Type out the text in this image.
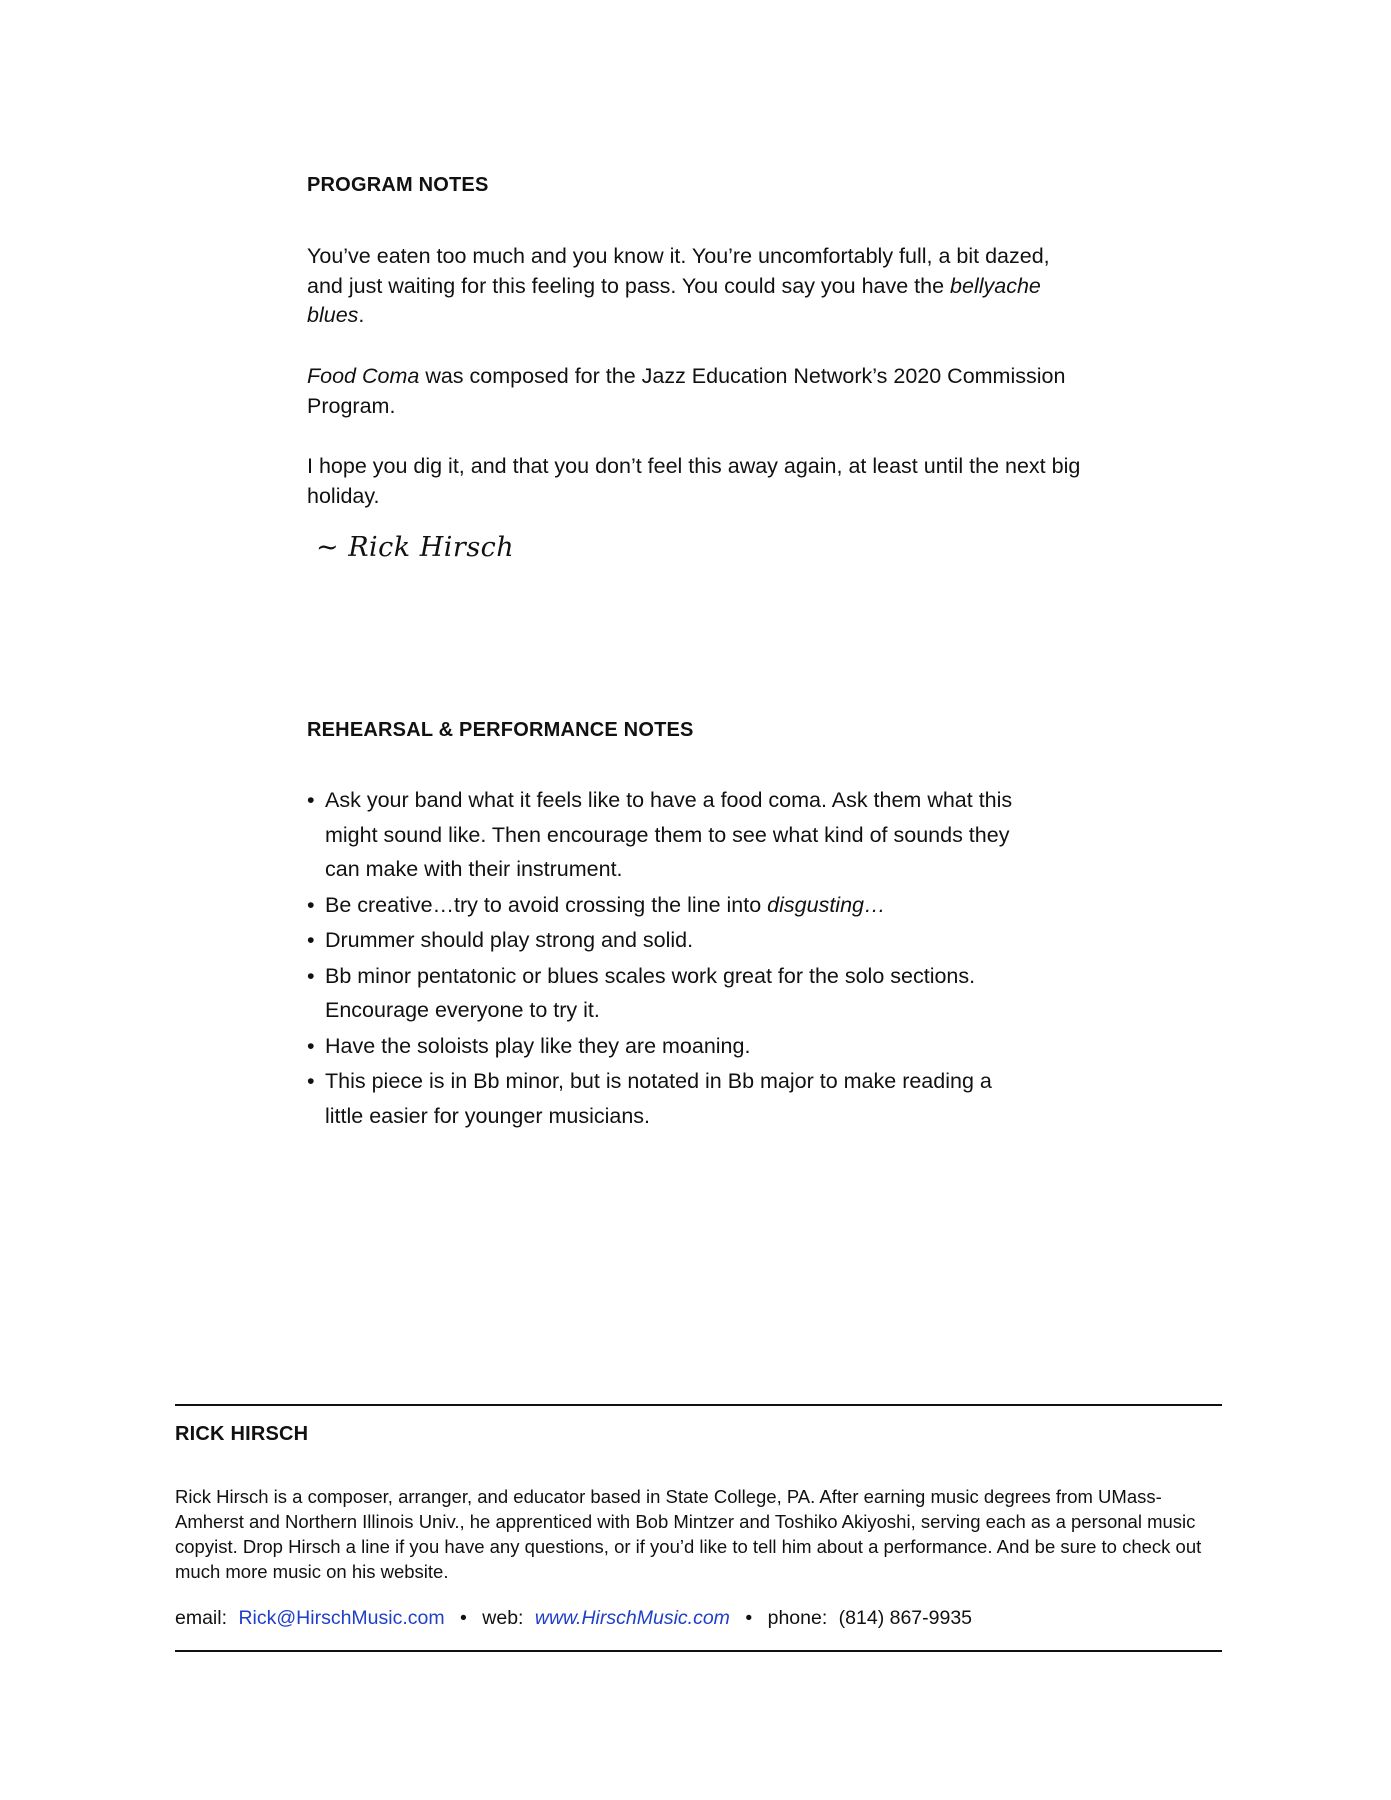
PROGRAM NOTES

You’ve eaten too much and you know it. You’re uncomfortably full, a bit dazed, and just waiting for this feeling to pass. You could say you have the bellyache blues.

Food Coma was composed for the Jazz Education Network’s 2020 Commission Program.

I hope you dig it, and that you don’t feel this away again, at least until the next big holiday.

~ Rick Hirsch
REHEARSAL & PERFORMANCE NOTES
• Ask your band what it feels like to have a food coma. Ask them what this might sound like. Then encourage them to see what kind of sounds they can make with their instrument.
• Be creative…try to avoid crossing the line into disgusting…
• Drummer should play strong and solid.
• Bb minor pentatonic or blues scales work great for the solo sections. Encourage everyone to try it.
• Have the soloists play like they are moaning.
• This piece is in Bb minor, but is notated in Bb major to make reading a little easier for younger musicians.
RICK HIRSCH

Rick Hirsch is a composer, arranger, and educator based in State College, PA. After earning music degrees from UMass-Amherst and Northern Illinois Univ., he apprenticed with Bob Mintzer and Toshiko Akiyoshi, serving each as a personal music copyist. Drop Hirsch a line if you have any questions, or if you’d like to tell him about a performance. And be sure to check out much more music on his website.

email: Rick@HirschMusic.com • web: www.HirschMusic.com • phone: (814) 867-9935
